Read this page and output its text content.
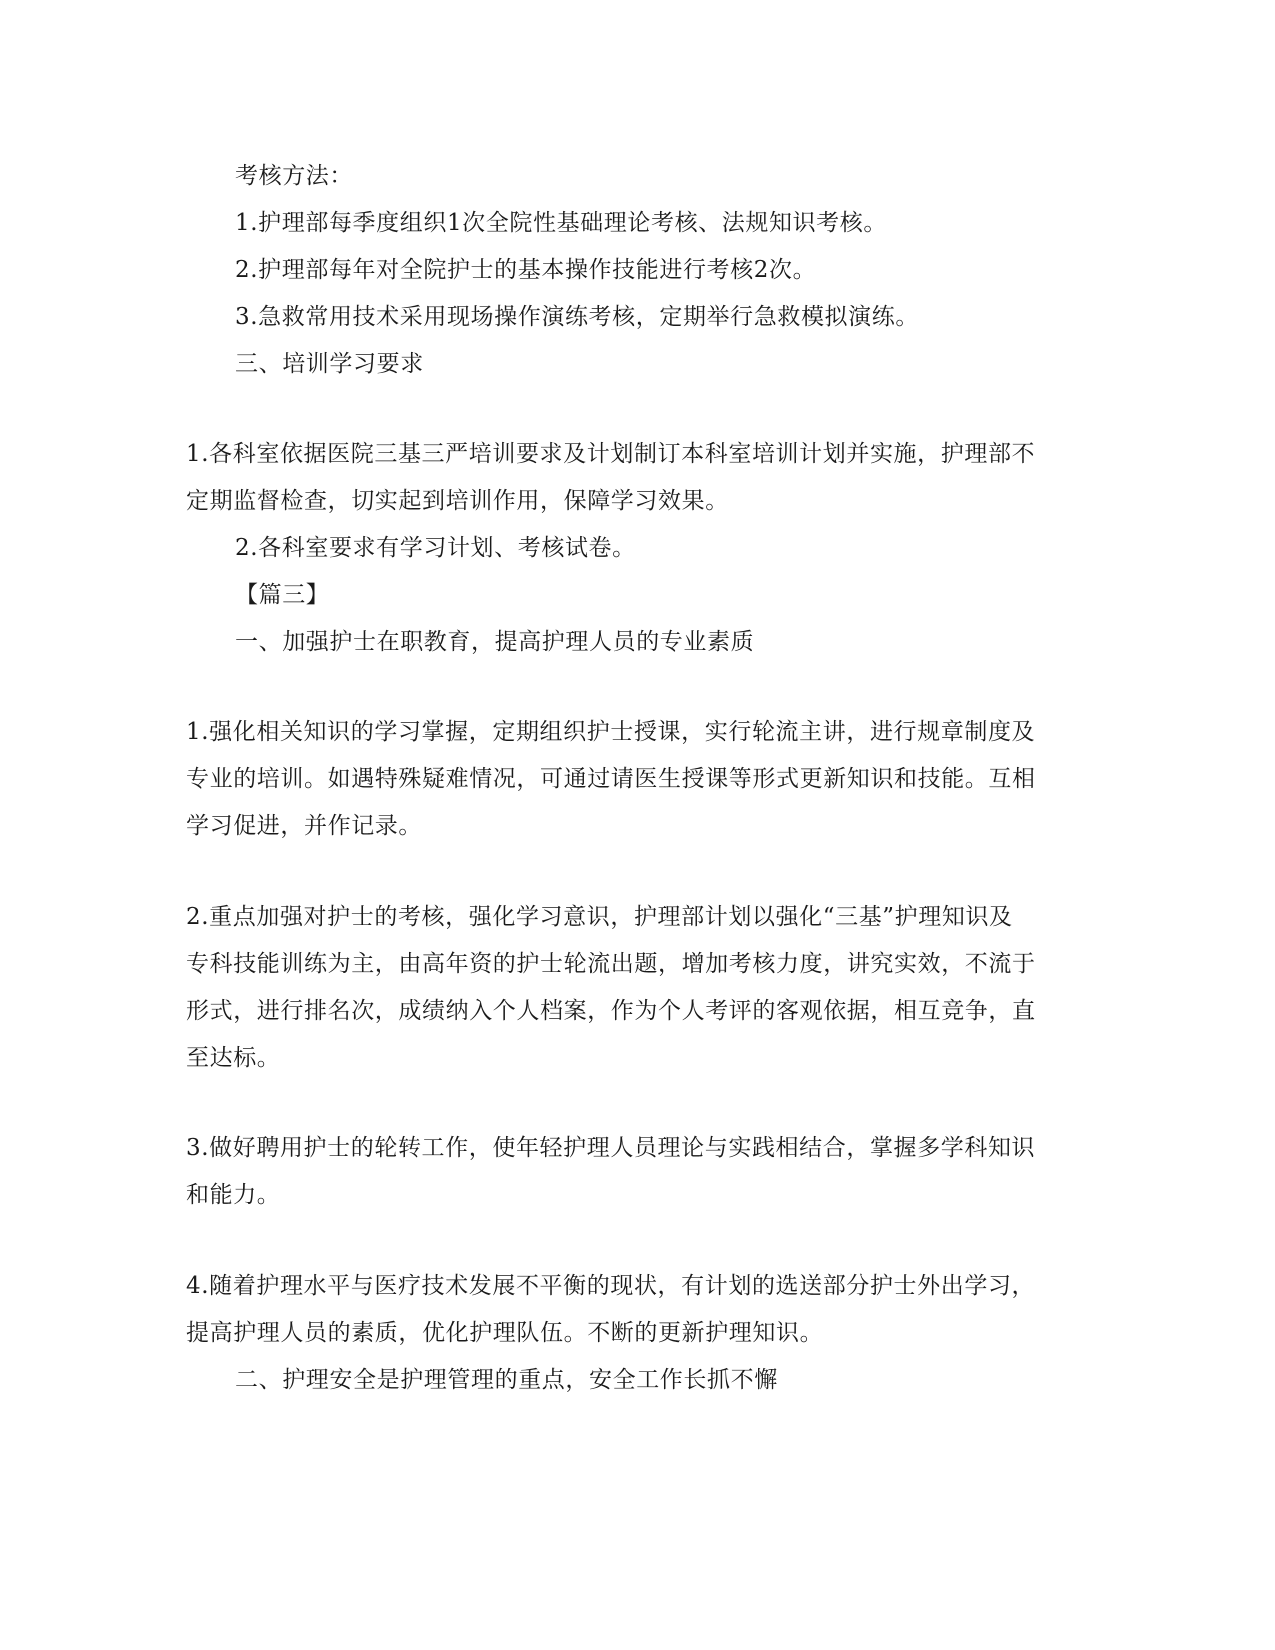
考核方法：
1.护理部每季度组织1次全院性基础理论考核、法规知识考核。
2.护理部每年对全院护士的基本操作技能进行考核2次。
3.急救常用技术采用现场操作演练考核，定期举行急救模拟演练。
三、培训学习要求
1.各科室依据医院三基三严培训要求及计划制订本科室培训计划并实施，护理部不
定期监督检查，切实起到培训作用，保障学习效果。
2.各科室要求有学习计划、考核试卷。
【篇三】
一、加强护士在职教育，提高护理人员的专业素质
1.强化相关知识的学习掌握，定期组织护士授课，实行轮流主讲，进行规章制度及
专业的培训。如遇特殊疑难情况，可通过请医生授课等形式更新知识和技能。互相
学习促进，并作记录。
2.重点加强对护士的考核，强化学习意识，护理部计划以强化“三基”护理知识及
专科技能训练为主，由高年资的护士轮流出题，增加考核力度，讲究实效，不流于
形式，进行排名次，成绩纳入个人档案，作为个人考评的客观依据，相互竞争，直
至达标。
3.做好聘用护士的轮转工作，使年轻护理人员理论与实践相结合，掌握多学科知识
和能力。
4.随着护理水平与医疗技术发展不平衡的现状，有计划的选送部分护士外出学习，
提高护理人员的素质，优化护理队伍。不断的更新护理知识。
二、护理安全是护理管理的重点，安全工作长抓不懈
